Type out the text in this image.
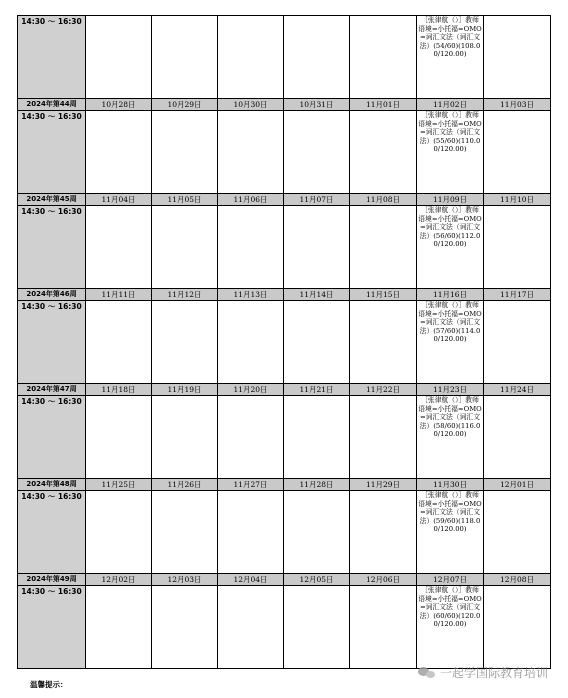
14:30 ～ 16:30						［张律航（）］教师语境=小托福=OMO=词汇文法（词汇文法）(54/60)(108.00/120.00)	

2024年第44周	10月28日	10月29日	10月30日	10月31日	11月01日	11月02日	11月03日
14:30 ～ 16:30						［张律航（）］教师语境=小托福=OMO=词汇文法（词汇文法）(55/60)(110.00/120.00)	

2024年第45周	11月04日	11月05日	11月06日	11月07日	11月08日	11月09日	11月10日
14:30 ～ 16:30						［张律航（）］教师语境=小托福=OMO=词汇文法（词汇文法）(56/60)(112.00/120.00)	

2024年第46周	11月11日	11月12日	11月13日	11月14日	11月15日	11月16日	11月17日
14:30 ～ 16:30						［张律航（）］教师语境=小托福=OMO=词汇文法（词汇文法）(57/60)(114.00/120.00)	

2024年第47周	11月18日	11月19日	11月20日	11月21日	11月22日	11月23日	11月24日
14:30 ～ 16:30						［张律航（）］教师语境=小托福=OMO=词汇文法（词汇文法）(58/60)(116.00/120.00)	

2024年第48周	11月25日	11月26日	11月27日	11月28日	11月29日	11月30日	12月01日
14:30 ～ 16:30						［张律航（）］教师语境=小托福=OMO=词汇文法（词汇文法）(59/60)(118.00/120.00)	

2024年第49周	12月02日	12月03日	12月04日	12月05日	12月06日	12月07日	12月08日
14:30 ～ 16:30						［张律航（）］教师语境=小托福=OMO=词汇文法（词汇文法）(60/60)(120.00/120.00)	

温馨提示：
一起学国际教育培训
